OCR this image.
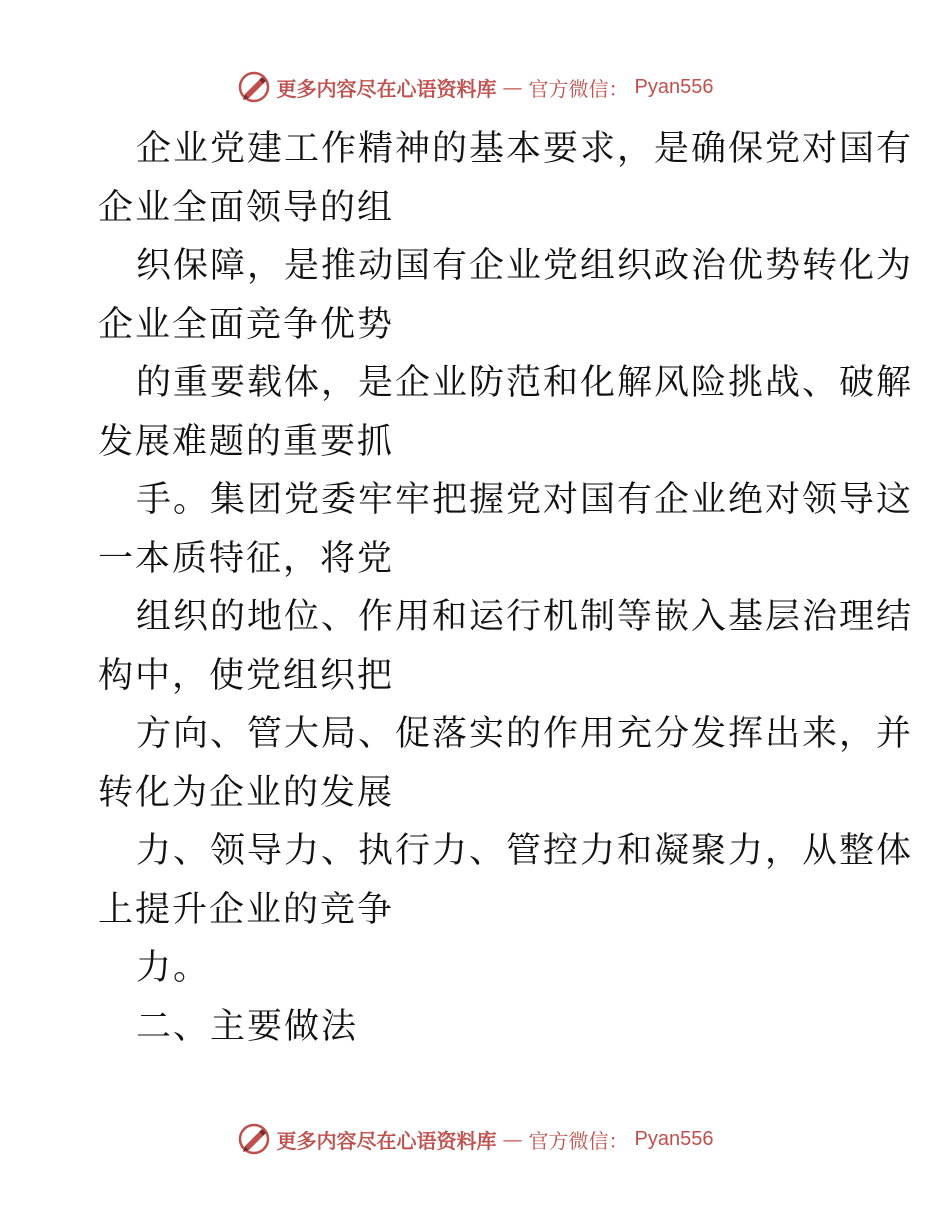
更多内容尽在心语资料库 — 官方微信： Pyan556
企业党建工作精神的基本要求，是确保党对国有
企业全面领导的组
织保障，是推动国有企业党组织政治优势转化为
企业全面竞争优势
的重要载体，是企业防范和化解风险挑战、破解
发展难题的重要抓
手。集团党委牢牢把握党对国有企业绝对领导这
一本质特征，将党
组织的地位、作用和运行机制等嵌入基层治理结
构中，使党组织把
方向、管大局、促落实的作用充分发挥出来，并
转化为企业的发展
力、领导力、执行力、管控力和凝聚力，从整体
上提升企业的竞争
力。
二、主要做法
更多内容尽在心语资料库 — 官方微信： Pyan556
